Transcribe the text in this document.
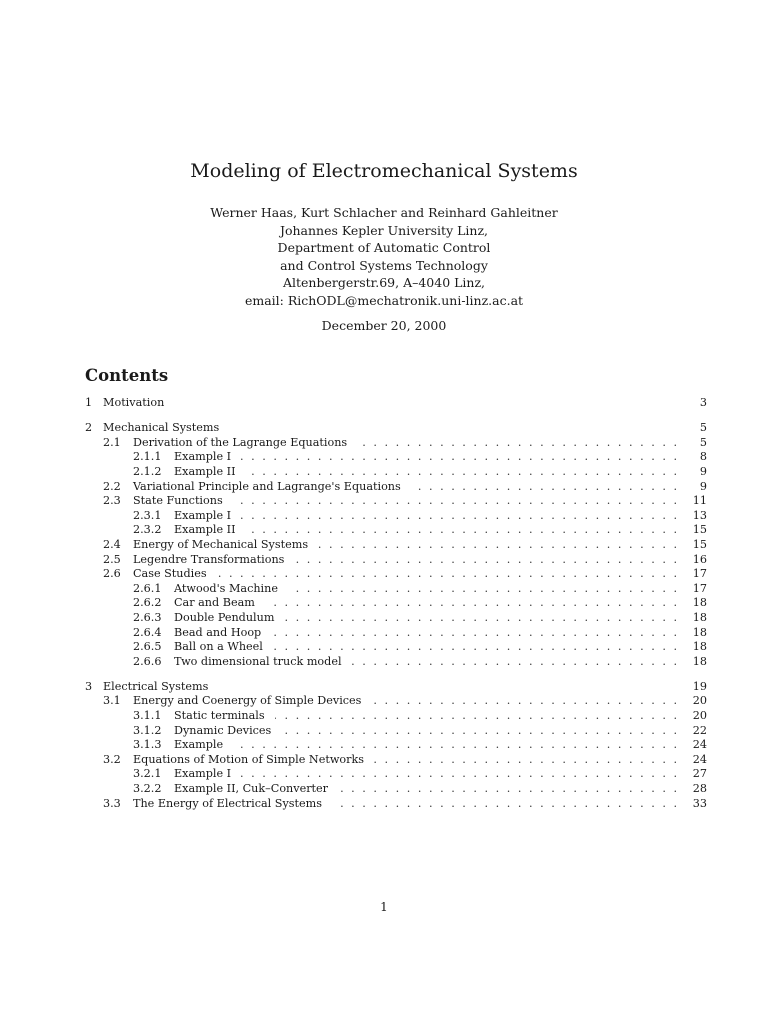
Modeling of Electromechanical Systems
Werner Haas, Kurt Schlacher and Reinhard Gahleitner
Johannes Kepler University Linz,
Department of Automatic Control
and Control Systems Technology
Altenbergerstr.69, A–4040 Linz,
email: RichODL@mechatronik.uni-linz.ac.at
December 20, 2000
Contents
1 Motivation	3
2 Mechanical Systems	5
2.1 Derivation of the Lagrange Equations . . .	5
2.1.1 Example I . . .	8
2.1.2 Example II . . .	9
2.2 Variational Principle and Lagrange's Equations . . .	9
2.3 State Functions . . .	11
2.3.1 Example I . . .	13
2.3.2 Example II . . .	15
2.4 Energy of Mechanical Systems . . .	15
2.5 Legendre Transformations . . .	16
2.6 Case Studies . . .	17
2.6.1 Atwood's Machine . . .	17
2.6.2 Car and Beam . . .	18
2.6.3 Double Pendulum . . .	18
2.6.4 Bead and Hoop . . .	18
2.6.5 Ball on a Wheel . . .	18
2.6.6 Two dimensional truck model . . .	18
3 Electrical Systems	19
3.1 Energy and Coenergy of Simple Devices . . .	20
3.1.1 Static terminals . . .	20
3.1.2 Dynamic Devices . . .	22
3.1.3 Example . . .	24
3.2 Equations of Motion of Simple Networks . . .	24
3.2.1 Example I . . .	27
3.2.2 Example II, Cuk–Converter . . .	28
3.3 The Energy of Electrical Systems . . .	33
1
